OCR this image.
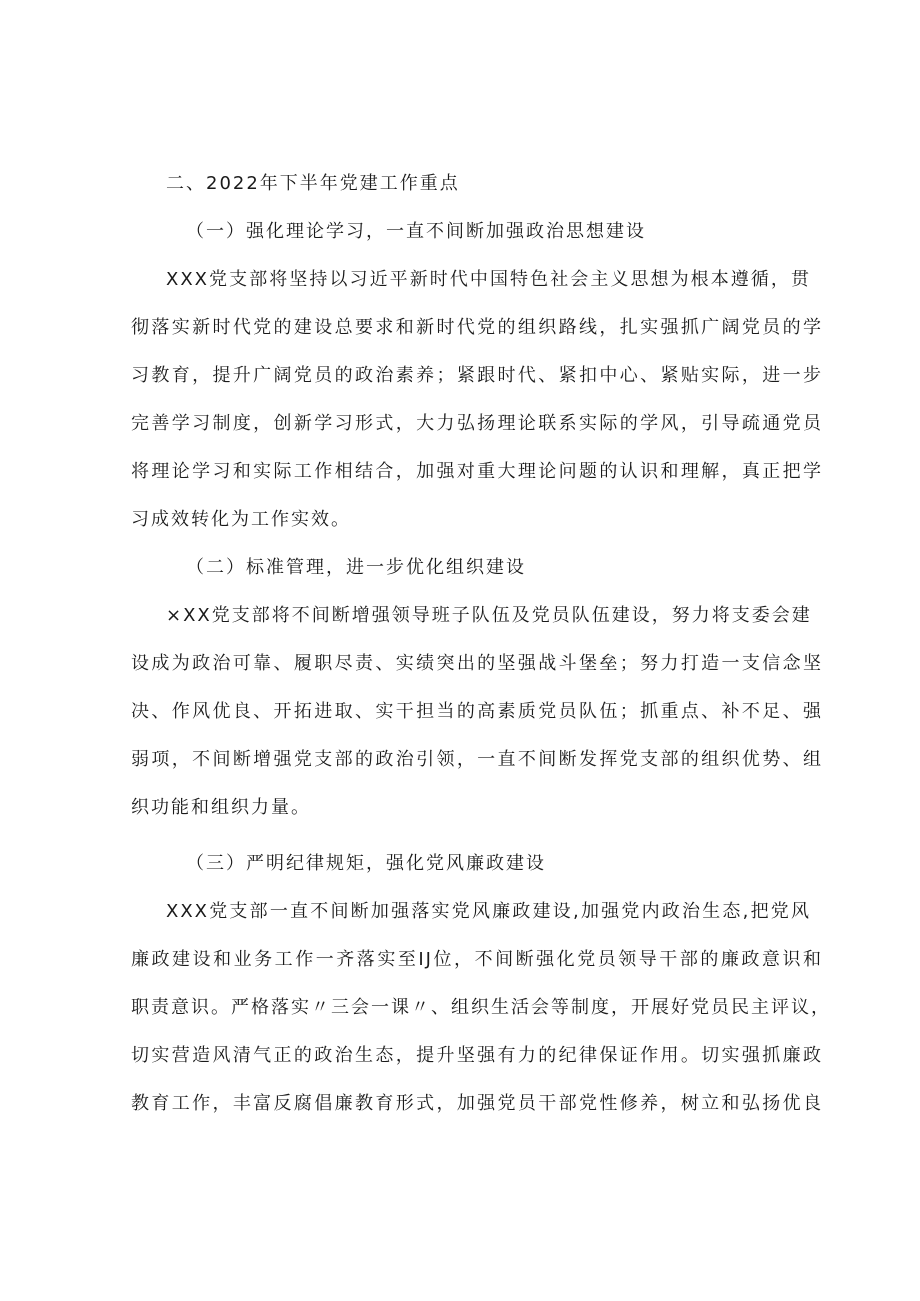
二、2022年下半年党建工作重点
（一）强化理论学习，一直不间断加强政治思想建设
XXX党支部将坚持以习近平新时代中国特色社会主义思想为根本遵循，贯
彻落实新时代党的建设总要求和新时代党的组织路线，扎实强抓广阔党员的学
习教育，提升广阔党员的政治素养；紧跟时代、紧扣中心、紧贴实际，进一步
完善学习制度，创新学习形式，大力弘扬理论联系实际的学风，引导疏通党员
将理论学习和实际工作相结合，加强对重大理论问题的认识和理解，真正把学
习成效转化为工作实效。
（二）标准管理，进一步优化组织建设
×XX党支部将不间断增强领导班子队伍及党员队伍建设，努力将支委会建
设成为政治可靠、履职尽责、实绩突出的坚强战斗堡垒；努力打造一支信念坚
决、作风优良、开拓进取、实干担当的高素质党员队伍；抓重点、补不足、强
弱项，不间断增强党支部的政治引领，一直不间断发挥党支部的组织优势、组
织功能和组织力量。
（三）严明纪律规矩，强化党风廉政建设
XXX党支部一直不间断加强落实党风廉政建设,加强党内政治生态,把党风
廉政建设和业务工作一齐落实至IJ位，不间断强化党员领导干部的廉政意识和
职责意识。严格落实〃三会一课〃、组织生活会等制度，开展好党员民主评议，
切实营造风清气正的政治生态，提升坚强有力的纪律保证作用。切实强抓廉政
教育工作，丰富反腐倡廉教育形式，加强党员干部党性修养，树立和弘扬优良
